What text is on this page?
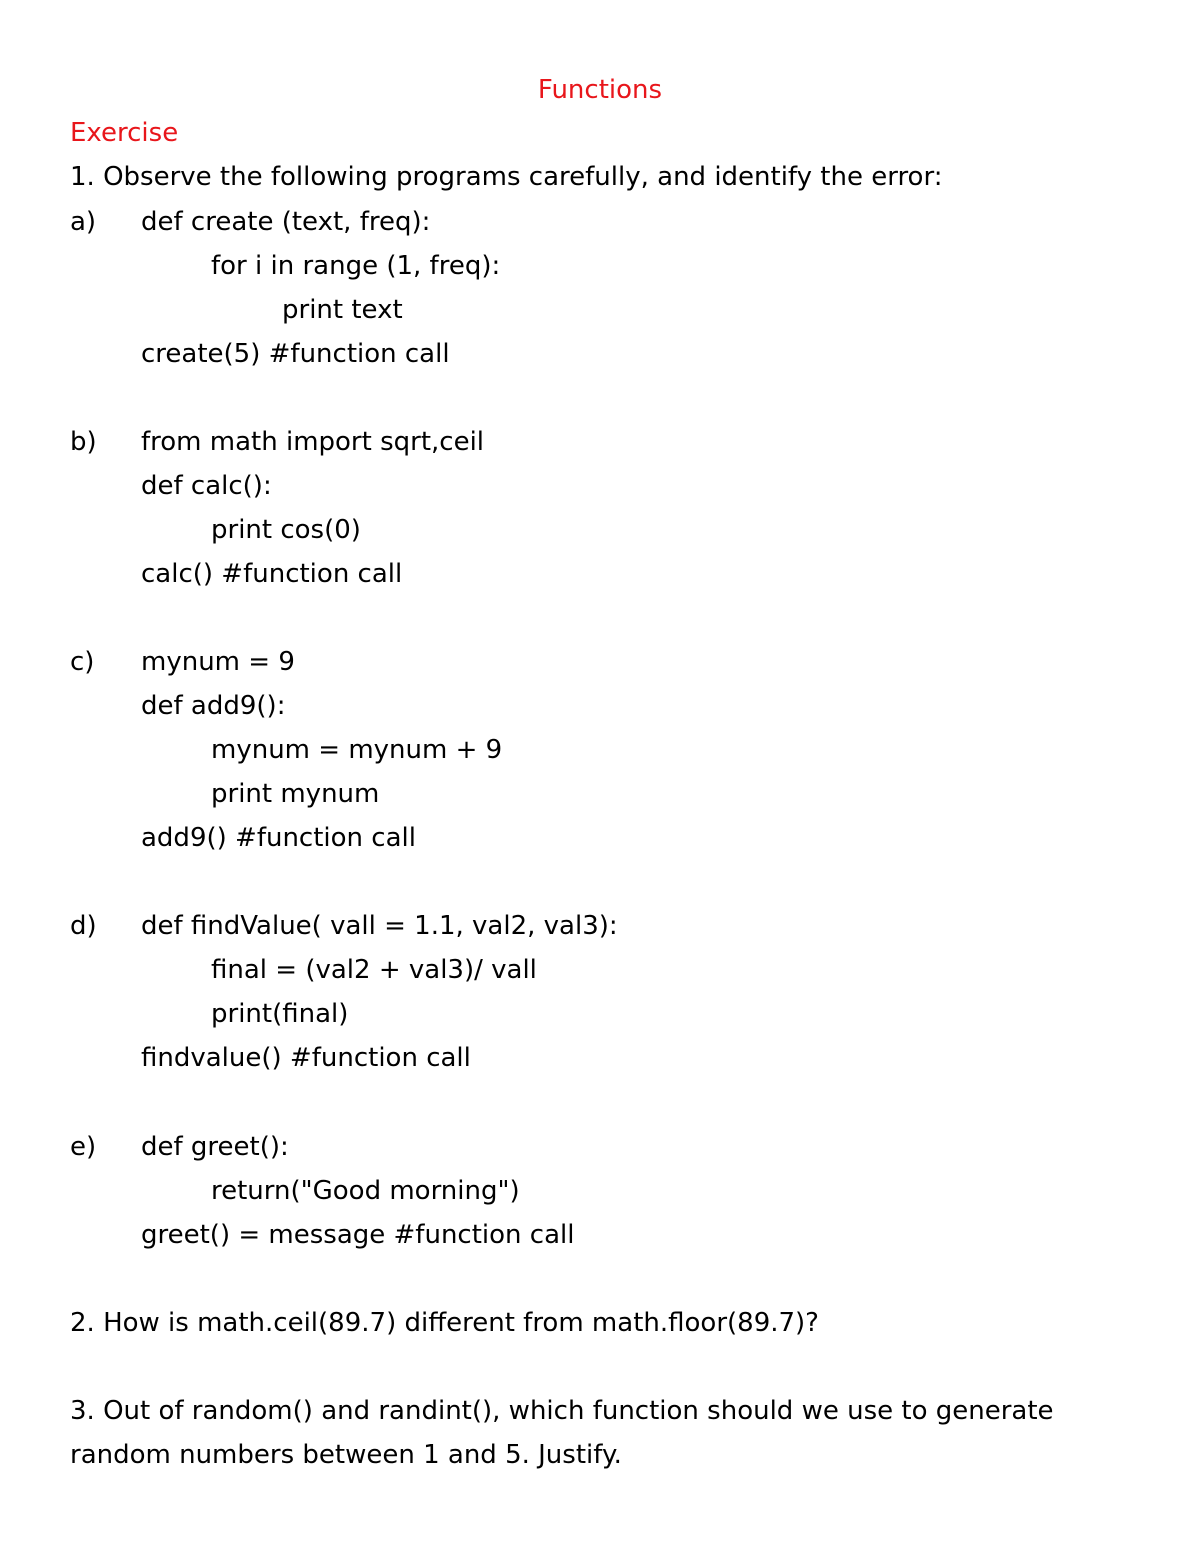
Functions
Exercise
1. Observe the following programs carefully, and identify the error:
a) def create (text, freq):
for i in range (1, freq):
print text
create(5) #function call
b) from math import sqrt,ceil
def calc():
print cos(0)
calc() #function call
c) mynum = 9
def add9():
mynum = mynum + 9
print mynum
add9() #function call
d) def findValue( vall = 1.1, val2, val3):
final = (val2 + val3)/ vall
print(final)
findvalue() #function call
e) def greet():
return("Good morning")
greet() = message #function call
2. How is math.ceil(89.7) different from math.floor(89.7)?
3. Out of random() and randint(), which function should we use to generate
random numbers between 1 and 5. Justify.
